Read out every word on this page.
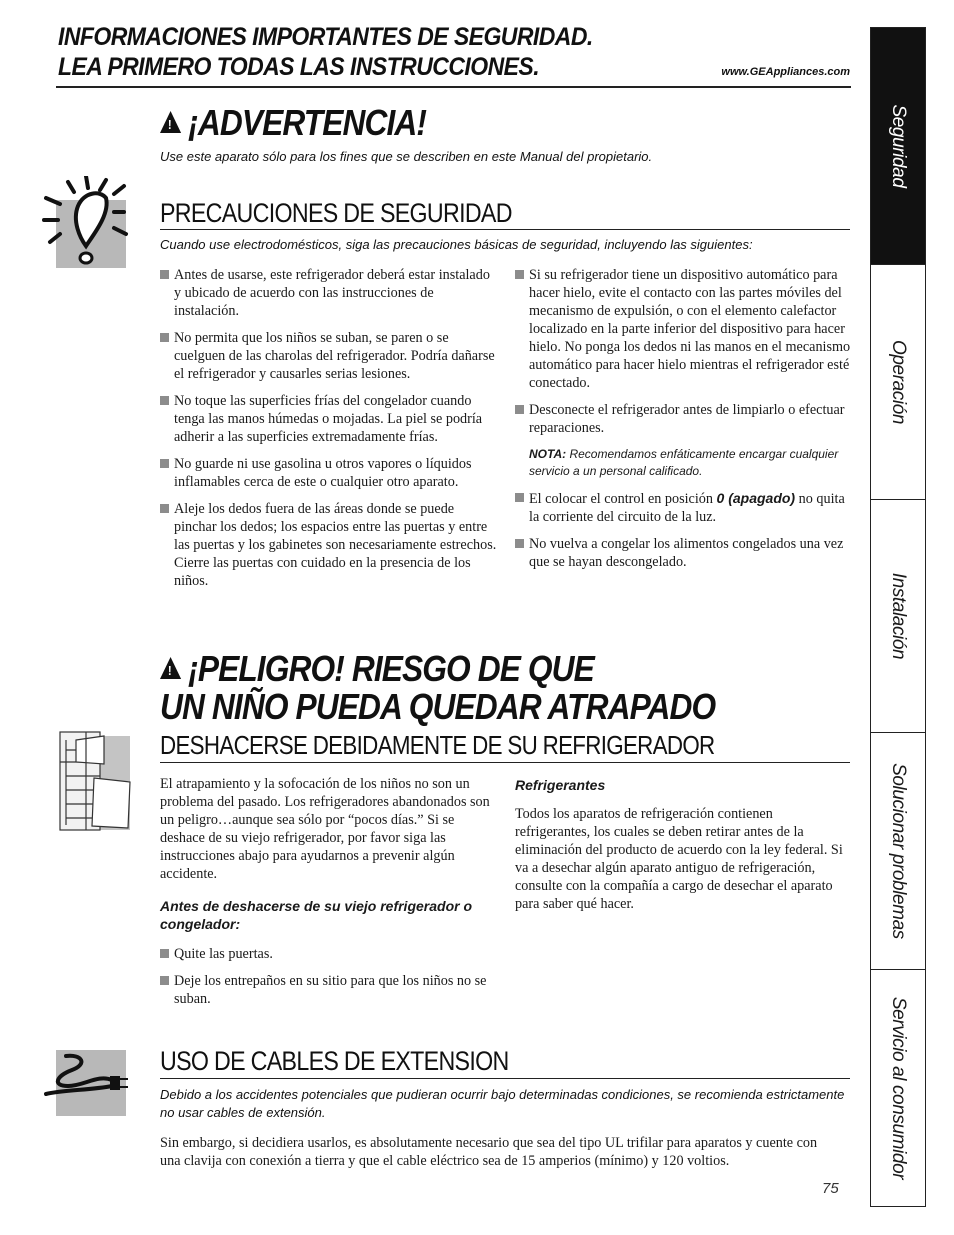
INFORMACIONES IMPORTANTES DE SEGURIDAD.
LEA PRIMERO TODAS LAS INSTRUCCIONES.	www.GEAppliances.com
! ¡ADVERTENCIA!
Use este aparato sólo para los fines que se describen en este Manual del propietario.
PRECAUCIONES DE SEGURIDAD
Cuando use electrodomésticos, siga las precauciones básicas de seguridad, incluyendo las siguientes:
Antes de usarse, este refrigerador deberá estar instalado y ubicado de acuerdo con las instrucciones de instalación.
No permita que los niños se suban, se paren o se cuelguen de las charolas del refrigerador. Podría dañarse el refrigerador y causarles serias lesiones.
No toque las superficies frías del congelador cuando tenga las manos húmedas o mojadas. La piel se podría adherir a las superficies extremadamente frías.
No guarde ni use gasolina u otros vapores o líquidos inflamables cerca de este o cualquier otro aparato.
Aleje los dedos fuera de las áreas donde se puede pinchar los dedos; los espacios entre las puertas y entre las puertas y los gabinetes son necesariamente estrechos. Cierre las puertas con cuidado en la presencia de los niños.
Si su refrigerador tiene un dispositivo automático para hacer hielo, evite el contacto con las partes móviles del mecanismo de expulsión, o con el elemento calefactor localizado en la parte inferior del dispositivo para hacer hielo. No ponga los dedos ni las manos en el mecanismo automático para hacer hielo mientras el refrigerador esté conectado.
Desconecte el refrigerador antes de limpiarlo o efectuar reparaciones.
NOTA: Recomendamos enfáticamente encargar cualquier servicio a un personal calificado.
El colocar el control en posición 0 (apagado) no quita la corriente del circuito de la luz.
No vuelva a congelar los alimentos congelados una vez que se hayan descongelado.
! ¡PELIGRO! RIESGO DE QUE
UN NIÑO PUEDA QUEDAR ATRAPADO
DESHACERSE DEBIDAMENTE DE SU REFRIGERADOR

El atrapamiento y la sofocación de los niños no son un problema del pasado. Los refrigeradores abandonados son un peligro…aunque sea sólo por “pocos días.” Si se deshace de su viejo refrigerador, por favor siga las instrucciones abajo para ayudarnos a prevenir algún accidente.

Antes de deshacerse de su viejo refrigerador o congelador:
Quite las puertas.
Deje los entrepaños en su sitio para que los niños no se suban.
Refrigerantes

Todos los aparatos de refrigeración contienen refrigerantes, los cuales se deben retirar antes de la eliminación del producto de acuerdo con la ley federal. Si va a desechar algún aparato antiguo de refrigeración, consulte con la compañía a cargo de desechar el aparato para saber qué hacer.

USO DE CABLES DE EXTENSION
Debido a los accidentes potenciales que pudieran ocurrir bajo determinadas condiciones, se recomienda estrictamente no usar cables de extensión.
Sin embargo, si decidiera usarlos, es absolutamente necesario que sea del tipo UL trifilar para aparatos y cuente con una clavija con conexión a tierra y que el cable eléctrico sea de 15 amperios (mínimo) y 120 voltios.
Seguridad
Operación
Instalación
Solucionar problemas
Servicio al consumidor
75
